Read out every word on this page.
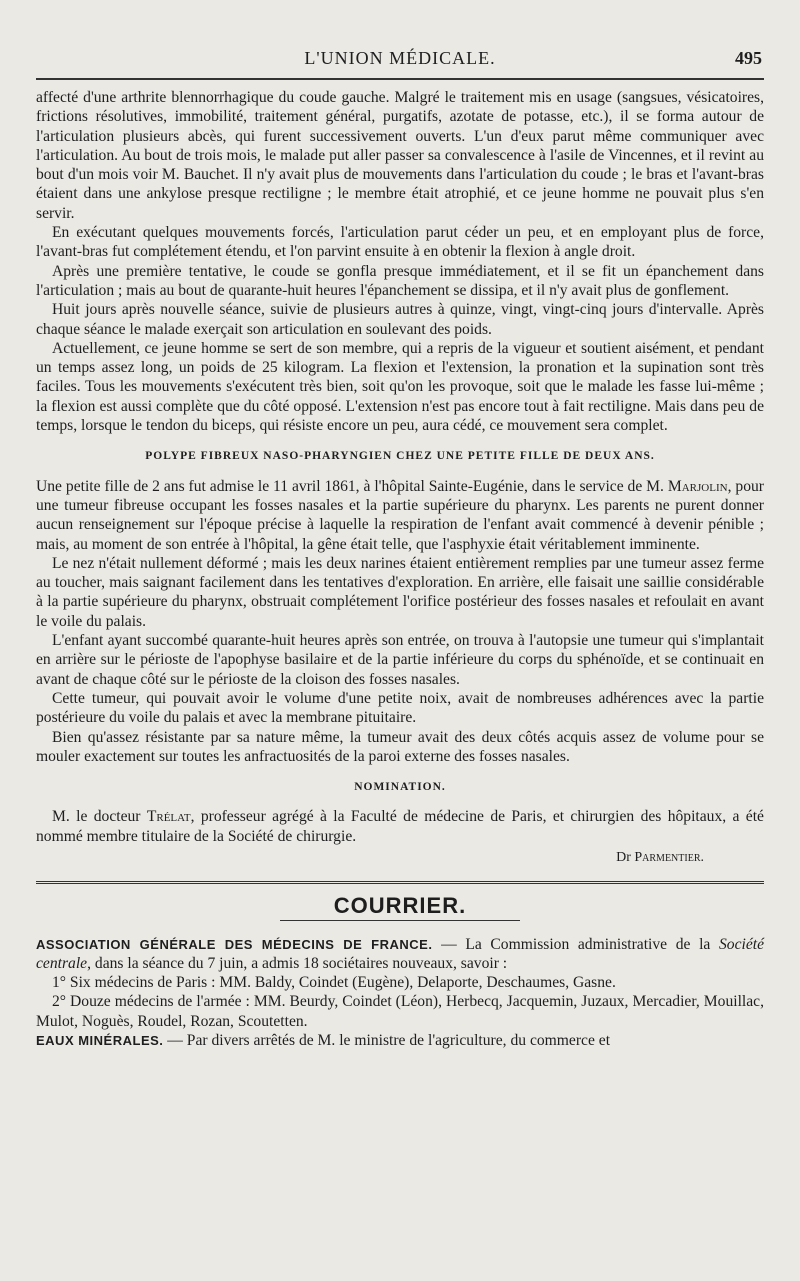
L'UNION MÉDICALE.	495

affecté d'une arthrite blennorrhagique du coude gauche. Malgré le traitement mis en usage (sangsues, vésicatoires, frictions résolutives, immobilité, traitement général, purgatifs, azotate de potasse, etc.), il se forma autour de l'articulation plusieurs abcès, qui furent successivement ouverts. L'un d'eux parut même communiquer avec l'articulation. Au bout de trois mois, le malade put aller passer sa convalescence à l'asile de Vincennes, et il revint au bout d'un mois voir M. Bauchet. Il n'y avait plus de mouvements dans l'articulation du coude ; le bras et l'avant-bras étaient dans une ankylose presque rectiligne ; le membre était atrophié, et ce jeune homme ne pouvait plus s'en servir.

En exécutant quelques mouvements forcés, l'articulation parut céder un peu, et en employant plus de force, l'avant-bras fut complétement étendu, et l'on parvint ensuite à en obtenir la flexion à angle droit.

Après une première tentative, le coude se gonfla presque immédiatement, et il se fit un épanchement dans l'articulation ; mais au bout de quarante-huit heures l'épanchement se dissipa, et il n'y avait plus de gonflement.

Huit jours après nouvelle séance, suivie de plusieurs autres à quinze, vingt, vingt-cinq jours d'intervalle. Après chaque séance le malade exerçait son articulation en soulevant des poids.

Actuellement, ce jeune homme se sert de son membre, qui a repris de la vigueur et soutient aisément, et pendant un temps assez long, un poids de 25 kilogram. La flexion et l'extension, la pronation et la supination sont très faciles. Tous les mouvements s'exécutent très bien, soit qu'on les provoque, soit que le malade les fasse lui-même ; la flexion est aussi complète que du côté opposé. L'extension n'est pas encore tout à fait rectiligne. Mais dans peu de temps, lorsque le tendon du biceps, qui résiste encore un peu, aura cédé, ce mouvement sera complet.

POLYPE FIBREUX NASO-PHARYNGIEN CHEZ UNE PETITE FILLE DE DEUX ANS.

Une petite fille de 2 ans fut admise le 11 avril 1861, à l'hôpital Sainte-Eugénie, dans le service de M. Marjolin, pour une tumeur fibreuse occupant les fosses nasales et la partie supérieure du pharynx. Les parents ne purent donner aucun renseignement sur l'époque précise à laquelle la respiration de l'enfant avait commencé à devenir pénible ; mais, au moment de son entrée à l'hôpital, la gêne était telle, que l'asphyxie était véritablement imminente.

Le nez n'était nullement déformé ; mais les deux narines étaient entièrement remplies par une tumeur assez ferme au toucher, mais saignant facilement dans les tentatives d'exploration. En arrière, elle faisait une saillie considérable à la partie supérieure du pharynx, obstruait complétement l'orifice postérieur des fosses nasales et refoulait en avant le voile du palais.

L'enfant ayant succombé quarante-huit heures après son entrée, on trouva à l'autopsie une tumeur qui s'implantait en arrière sur le périoste de l'apophyse basilaire et de la partie inférieure du corps du sphénoïde, et se continuait en avant de chaque côté sur le périoste de la cloison des fosses nasales.

Cette tumeur, qui pouvait avoir le volume d'une petite noix, avait de nombreuses adhérences avec la partie postérieure du voile du palais et avec la membrane pituitaire.

Bien qu'assez résistante par sa nature même, la tumeur avait des deux côtés acquis assez de volume pour se mouler exactement sur toutes les anfractuosités de la paroi externe des fosses nasales.

NOMINATION.

M. le docteur Trélat, professeur agrégé à la Faculté de médecine de Paris, et chirurgien des hôpitaux, a été nommé membre titulaire de la Société de chirurgie.

Dr Parmentier.
COURRIER.

ASSOCIATION GÉNÉRALE DES MÉDECINS DE FRANCE. — La Commission administrative de la Société centrale, dans la séance du 7 juin, a admis 18 sociétaires nouveaux, savoir :

1° Six médecins de Paris : MM. Baldy, Coindet (Eugène), Delaporte, Deschaumes, Gasne.

2° Douze médecins de l'armée : MM. Beurdy, Coindet (Léon), Herbecq, Jacquemin, Juzaux, Mercadier, Mouillac, Mulot, Noguès, Roudel, Rozan, Scoutetten.

EAUX MINÉRALES. — Par divers arrêtés de M. le ministre de l'agriculture, du commerce et
